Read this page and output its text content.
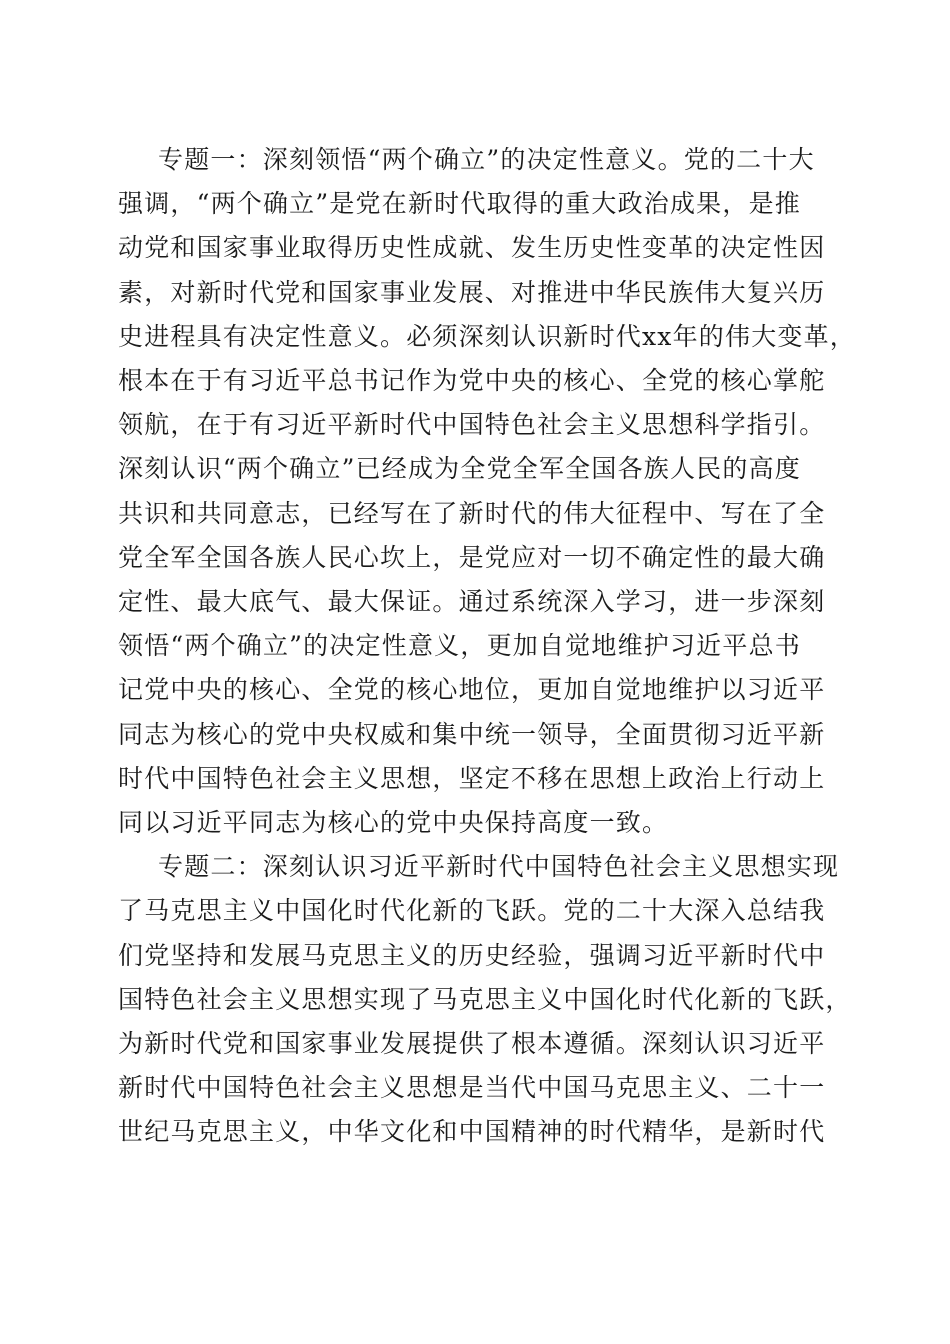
专题一：深刻领悟“两个确立”的决定性意义。党的二十大
强调，“两个确立”是党在新时代取得的重大政治成果，是推
动党和国家事业取得历史性成就、发生历史性变革的决定性因
素，对新时代党和国家事业发展、对推进中华民族伟大复兴历
史进程具有决定性意义。必须深刻认识新时代xx年的伟大变革，
根本在于有习近平总书记作为党中央的核心、全党的核心掌舵
领航，在于有习近平新时代中国特色社会主义思想科学指引。
深刻认识“两个确立”已经成为全党全军全国各族人民的高度
共识和共同意志，已经写在了新时代的伟大征程中、写在了全
党全军全国各族人民心坎上，是党应对一切不确定性的最大确
定性、最大底气、最大保证。通过系统深入学习，进一步深刻
领悟“两个确立”的决定性意义，更加自觉地维护习近平总书
记党中央的核心、全党的核心地位，更加自觉地维护以习近平
同志为核心的党中央权威和集中统一领导，全面贯彻习近平新
时代中国特色社会主义思想，坚定不移在思想上政治上行动上
同以习近平同志为核心的党中央保持高度一致。
专题二：深刻认识习近平新时代中国特色社会主义思想实现
了马克思主义中国化时代化新的飞跃。党的二十大深入总结我
们党坚持和发展马克思主义的历史经验，强调习近平新时代中
国特色社会主义思想实现了马克思主义中国化时代化新的飞跃，
为新时代党和国家事业发展提供了根本遵循。深刻认识习近平
新时代中国特色社会主义思想是当代中国马克思主义、二十一
世纪马克思主义，中华文化和中国精神的时代精华，是新时代
